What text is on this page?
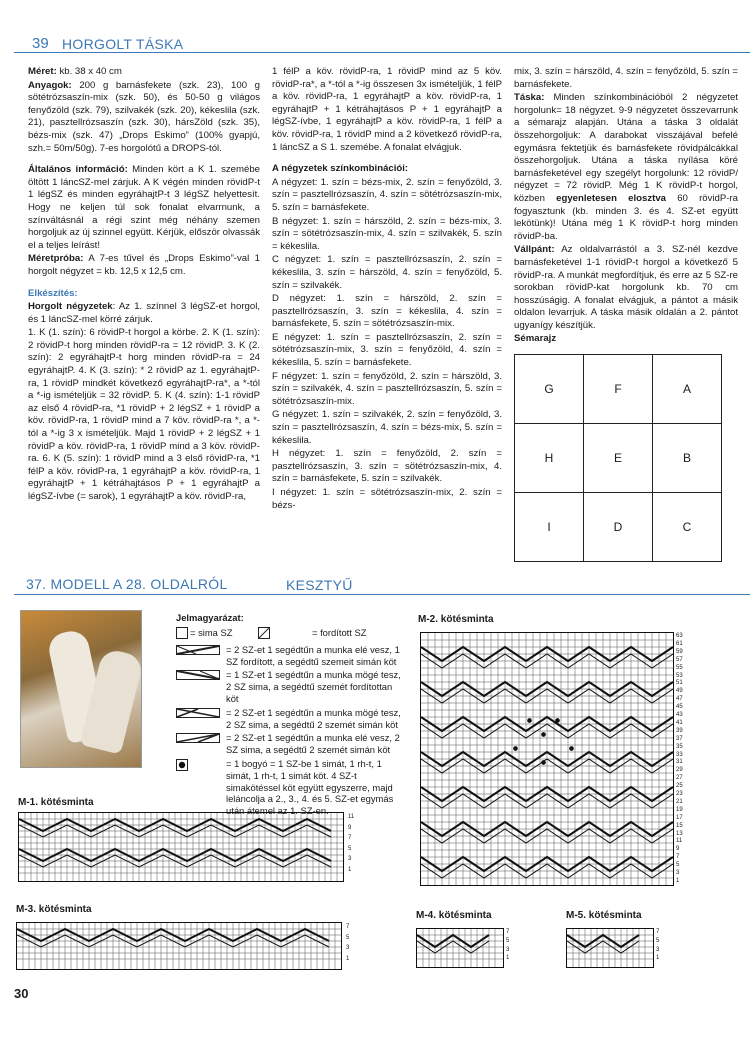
39 HORGOLT TÁSKA

Méret: kb. 38 x 40 cm

Anyagok: 200 g barnásfekete (szk. 23), 100 g sötétrózsaszín-mix (szk. 50), és 50-50 g világos fenyőzöld (szk. 79), szilvakék (szk. 20), kékeslila (szk. 21), pasztellrózsaszín (szk. 30), hársZöld (szk. 35), bézs-mix (szk. 47) „Drops Eskimo” (100% gyapjú, szh.= 50m/50g). 7-es horgolótű a DROPS-tól.

Általános információ: Minden kört a K 1. szemébe öltött 1 láncSZ-mel zárjuk. A K végén minden rövidP-t 1 légSZ és minden egyráhajtP-t 3 légSZ helyettesít. Hogy ne keljen túl sok fonalat elvarrnunk, a színváltásnál a régi szint még néhány szemen horgoljuk az új szinnel együtt. Kérjük, először olvassák el a teljes leírást!

Méretpróba: A 7-es tűvel és „Drops Eskimo”-val 1 horgolt négyzet = kb. 12,5 x 12,5 cm.

Elkészítés:

Horgolt négyzetek: Az 1. színnel 3 légSZ-et horgol, és 1 láncSZ-mel körré zárjuk.

1. K (1. szín): 6 rövidP-t horgol a körbe. 2. K (1. szín): 2 rövidP-t horg minden rövidP-ra = 12 rövidP. 3. K (2. szín): 2 egyráhajtP-t horg minden rövidP-ra = 24 egyráhajtP. 4. K (3. szín): * 2 rövidP az 1. egyráhajtP-ra, 1 rövidP mindkét következő egyráhajtP-ra*, a *-tól a *-ig ismételjük = 32 rövidP. 5. K (4. szín): 1-1 rövidP az első 4 rövidP-ra, *1 rövidP + 2 légSZ + 1 rövidP a köv. rövidP-ra, 1 rövidP mind a 7 köv. rövidP-ra *, a *-tól a *-ig 3 x ismételjük. Majd 1 rövidP + 2 légSZ + 1 rövidP a köv. rövidP-ra, 1 rövidP mind a 3 köv. rövidP-ra. 6. K (5. szín): 1 rövidP mind a 3 első rövidP-ra, *1 félP a köv. rövidP-ra, 1 egyráhajtP a köv. rövidP-ra, 1 egyráhajtP + 1 kétráhajtásos P + 1 egyráhajtP a légSZ-ívbe (= sarok), 1 egyráhajtP a köv. rövidP-ra,

1 félP a köv. rövidP-ra, 1 rövidP mind az 5 köv. rövidP-ra*, a *-tól a *-ig összesen 3x ismételjük, 1 félP a köv. rövidP-ra, 1 egyráhajtP a köv. rövidP-ra, 1 egyráhajtP + 1 kétráhajtásos P + 1 egyráhajtP a légSZ-ívbe, 1 egyráhajtP a köv. rövidP-ra, 1 félP a köv. rövidP-ra, 1 rövidP mind a 2 következő rövidP-ra, 1 láncSZ a S 1. szemébe. A fonalat elvágjuk.

A négyzetek színkombinációi:

A négyzet: 1. szín = bézs-mix, 2. szín = fenyőzöld, 3. szín = pasztellrózsaszín, 4. szín = sötétrózsaszín-mix, 5. szín = barnásfekete.

B négyzet: 1. szín = hárszöld, 2. szín = bézs-mix, 3. szín = sötétrózsaszín-mix, 4. szín = szilvakék, 5. szín = kékeslila.

C négyzet: 1. szín = pasztellrózsaszín, 2. szín = kékeslila, 3. szín = hárszöld, 4. szín = fenyőzöld, 5. szín = szilvakék.

D négyzet: 1. szín = hárszöld, 2. szín = pasztellrózsaszín, 3. szín = kékeslila, 4. szín = barnásfekete, 5. szín = sötétrózsaszín-mix.

E négyzet: 1. szín = pasztellrózsaszín, 2. szín = sötétrózsaszín-mix, 3. szín = fenyőzöld, 4. szín = kékeslila, 5. szín = barnásfekete.

F négyzet: 1. szín = fenyőzöld, 2. szín = hárszöld, 3. szín = szilvakék, 4. szín = pasztellrózsaszín, 5. szín = sötétrózsaszín-mix.

G négyzet: 1. szín = szilvakék, 2. szín = fenyőzöld, 3. szín = pasztellrózsaszín, 4. szín = bézs-mix, 5. szín = kékeslila.

H négyzet: 1. szín = fenyőzöld, 2. szín = pasztellrózsaszín, 3. szín = sötétrózsaszín-mix, 4. szín = barnásfekete, 5. szín = szilvakék.

I négyzet: 1. szín = sötétrózsaszín-mix, 2. szín = bézs-

mix, 3. szín = hárszöld, 4. szín = fenyőzöld, 5. szín = barnásfekete.

Táska: Minden színkombinációból 2 négyzetet horgolunk= 18 négyzet. 9-9 négyzetet összevarrunk a sémarajz alapján. Utána a táska 3 oldalát összehorgoljuk: A darabokat visszájával befelé egymásra fektetjük és barnásfekete rövidpálcákkal összehorgoljuk. Utána a táska nyílása köré barnásfeketével egy szegélyt horgolunk: 12 rövidP/ négyzet = 72 rövidP. Még 1 K rövidP-t horgol, közben egyenletesen elosztva 60 rövidP-ra fogyasztunk (kb. minden 3. és 4. SZ-et együtt lekötünk)! Utána még 1 K rövidP-t horg minden rövidP-ba.

Vállpánt: Az oldalvarrástól a 3. SZ-nél kezdve barnásfeketével 1-1 rövidP-t horgol a következő 5 rövidP-ra. A munkát megfordítjuk, és erre az 5 SZ-re sorokban rövidP-kat horgolunk kb. 70 cm hosszúságig. A fonalat elvágjuk, a pántot a másik oldalon levarrjuk. A táska másik oldalán a 2. pántot ugyanígy készítjük.

Sémarajz

G	F	A
H	E	B
I	D	C
37. MODELL A 28. OLDALRÓL	KESZTYŰ
Jelmagyarázat:
= sima SZ	= fordított SZ
= 2 SZ-et 1 segédtűn a munka elé vesz, 1 SZ fordított, a segédtű szemeit simán köt
= 1 SZ-et 1 segédtűn a munka mögé tesz, 2 SZ sima, a segédtű szemét fordítottan köt
= 2 SZ-et 1 segédtűn a munka mögé tesz, 2 SZ sima, a segédtű 2 szemét simán köt
= 2 SZ-et 1 segédtűn a munka elé vesz, 2 SZ sima, a segédtű 2 szemét simán köt
= 1 bogyó = 1 SZ-be 1 simát, 1 rh-t, 1 simát, 1 rh-t, 1 simát köt. 4 SZ-t simakötéssel köt együtt egyszerre, majd leláncolja a 2., 3., 4. és 5. SZ-et egymás után átemel az 1. SZ-en.
M-2. kötésminta
63
61
59
57
55
53
51
49
47
45
43
41
39
37
35
33
31
29
27
25
23
21
19
17
15
13
11
9
7
5
3
1
M-1. kötésminta
11
9
7
5
3
1
M-3. kötésminta
7
5
3
1
M-4. kötésminta
7
5
3
1
M-5. kötésminta
7
5
3
1
30
